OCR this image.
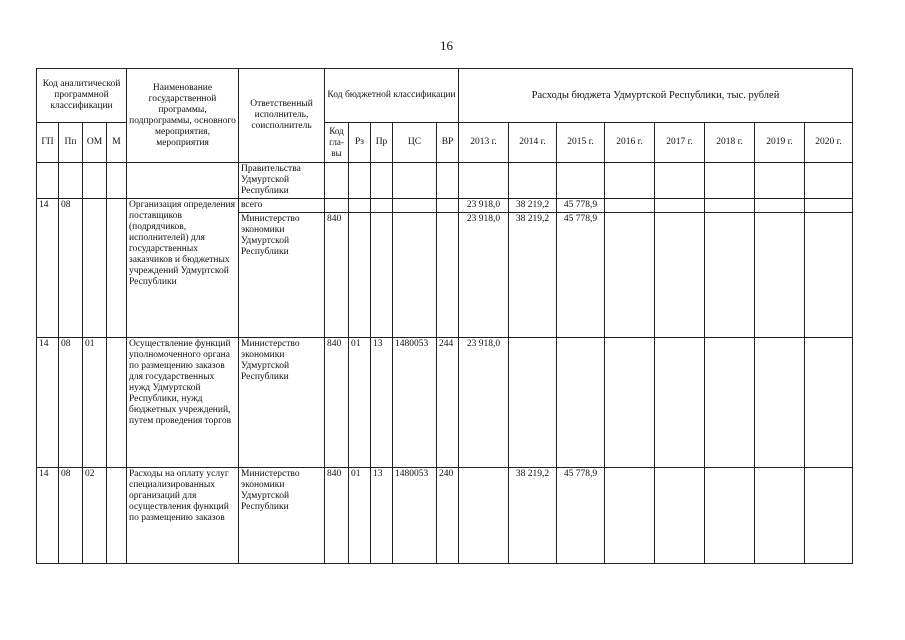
16
Код аналитической программной классификации				Наименование государственной программы, подпрограммы, основного мероприятия, мероприятия	Ответственный исполнитель, соисполнитель	Код бюджетной классификации					Расходы бюджета Удмуртской Республики, тыс. рублей							
ГП	Пп	ОМ	М			Код гла-вы	Рз	Пр	ЦС	ВР	2013 г.	2014 г.	2015 г.	2016 г.	2017 г.	2018 г.	2019 г.	2020 г.
					Правительства Удмуртской Республики													
14	08			Организация определения поставщиков (подрядчиков, исполнителей) для государственных заказчиков и бюджетных учреждений Удмуртской Республики	всего						23 918,0	38 219,2	45 778,9					
					Министерство экономики Удмуртской Республики	840					23 918,0	38 219,2	45 778,9					
14	08	01		Осуществление функций уполномоченного органа по размещению заказов для государственных нужд Удмуртской Республики, нужд бюджетных учреждений, путем проведения торгов	Министерство экономики Удмуртской Республики	840	01	13	1480053	244	23 918,0							
14	08	02		Расходы на оплату услуг специализированных организаций для осуществления функций по размещению заказов	Министерство экономики Удмуртской Республики	840	01	13	1480053	240		38 219,2	45 778,9					
